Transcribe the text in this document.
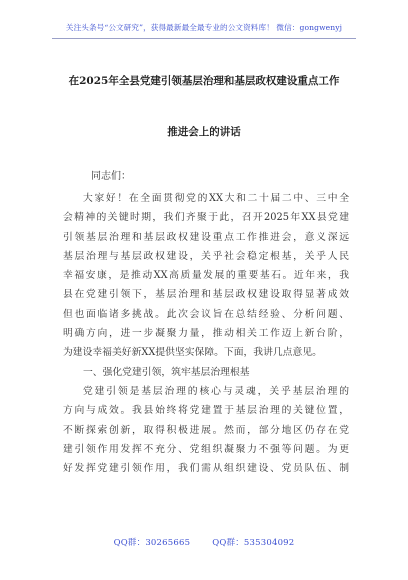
关注头条号“公文研究”，获得最新最全最专业的公文资料库！ 微信：gongwenyj
在2025年全县党建引领基层治理和基层政权建设重点工作
推进会上的讲话
同志们：

大家好！在全面贯彻党的XX大和二十届二中、三中全

会精神的关键时期，我们齐聚于此，召开2025年XX县党建

引领基层治理和基层政权建设重点工作推进会，意义深远

基层治理与基层政权建设，关乎社会稳定根基，关乎人民

幸福安康，是推动XX高质量发展的重要基石。近年来，我

县在党建引领下，基层治理和基层政权建设取得显著成效

但也面临诸多挑战。此次会议旨在总结经验、分析问题、

明确方向，进一步凝聚力量，推动相关工作迈上新台阶，

为建设幸福美好新XX提供坚实保障。下面，我讲几点意见。

一、强化党建引领，筑牢基层治理根基

党建引领是基层治理的核心与灵魂，关乎基层治理的

方向与成效。我县始终将党建置于基层治理的关键位置，

不断探索创新，取得积极进展。然而，部分地区仍存在党

建引领作用发挥不充分、党组织凝聚力不强等问题。为更

好发挥党建引领作用，我们需从组织建设、党员队伍、制

QQ群：30265665	QQ群：535304092
